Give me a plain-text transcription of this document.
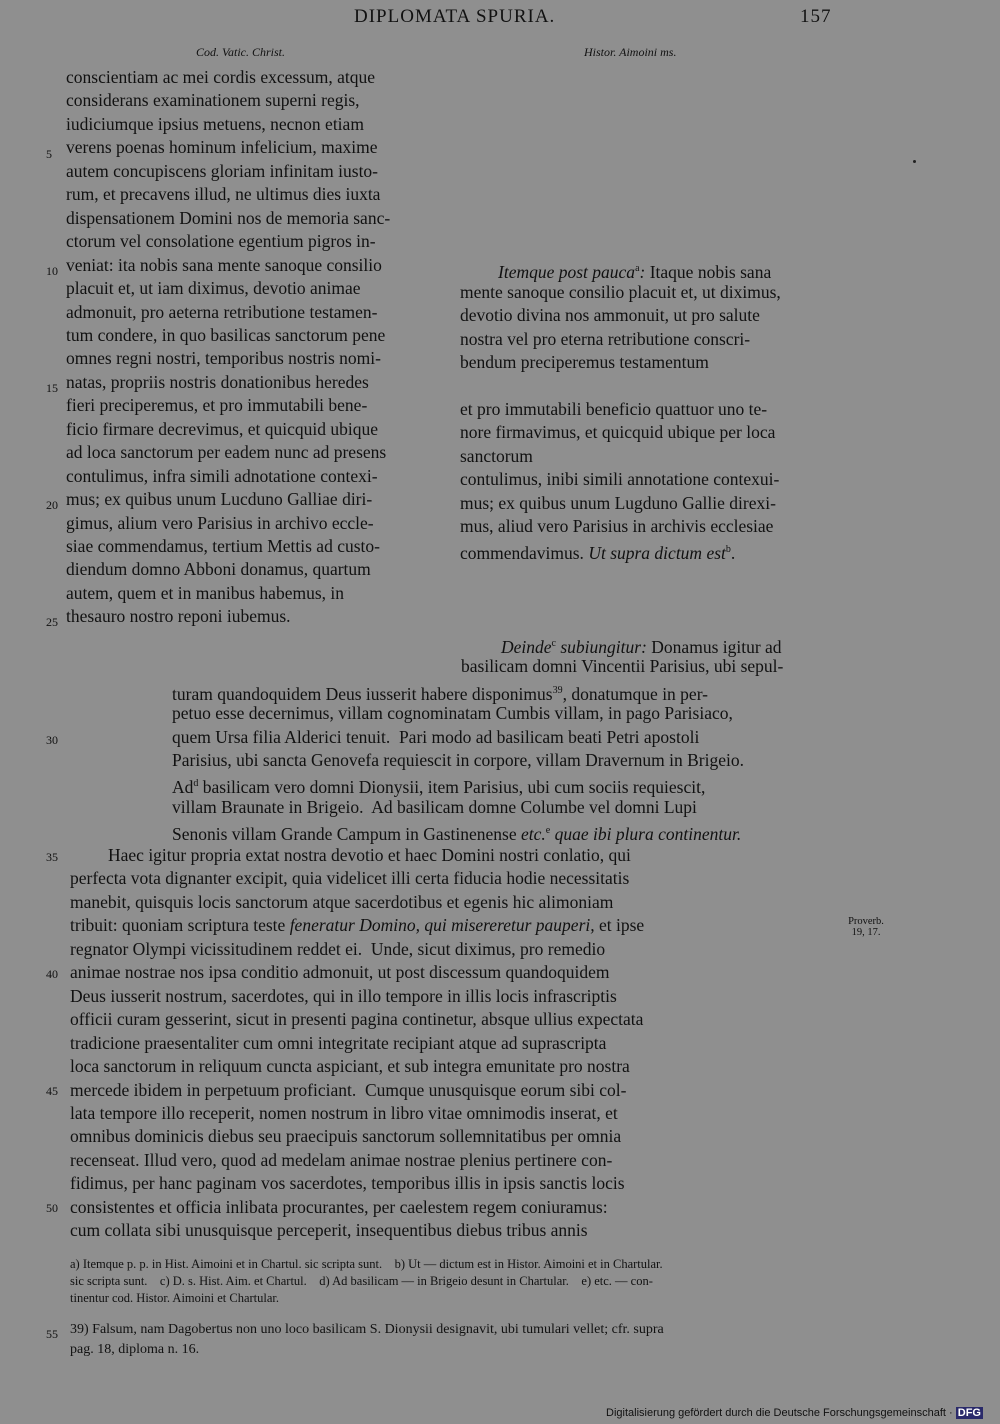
DIPLOMATA SPURIA.	157
Cod. Vatic. Christ.	Histor. Aimoini ms.
conscientiam ac mei cordis excessum, atque
considerans examinationem superni regis,
iudiciumque ipsius metuens, necnon etiam
verens poenas hominum infelicium, maxime
autem concupiscens gloriam infinitam iusto-
rum, et precavens illud, ne ultimus dies iuxta
dispensationem Domini nos de memoria sanc-
ctorum vel consolatione egentium pigros in-
veniat: ita nobis sana mente sanoque consilio
placuit et, ut iam diximus, devotio animae
admonuit, pro aeterna retributione testamen-
tum condere, in quo basilicas sanctorum pene
omnes regni nostri, temporibus nostris nomi-
natas, propriis nostris donationibus heredes
fieri preciperemus, et pro immutabili bene-
ficio firmare decrevimus, et quicquid ubique
ad loca sanctorum per eadem nunc ad presens
contulimus, infra simili adnotatione contexi-
mus; ex quibus unum Lucduno Galliae diri-
gimus, alium vero Parisius in archivo eccle-
siae commendamus, tertium Mettis ad custo-
diendum domno Abboni donamus, quartum
autem, quem et in manibus habemus, in
thesauro nostro reponi iubemus.
Itemque post pauca$^a$: Itaque nobis sana
mente sanoque consilio placuit et, ut diximus,
devotio divina nos ammonuit, ut pro salute
nostra vel pro eterna retributione conscri-
bendum preciperemus testamentum
et pro immutabili beneficio quattuor uno te-
nore firmavimus, et quicquid ubique per loca
sanctorum
contulimus, inibi simili annotatione contexui-
mus; ex quibus unum Lugduno Gallie direxi-
mus, aliud vero Parisius in archivis ecclesiae
commendavimus. Ut supra dictum est$^b$.
Deinde$^c$ subiungitur: Donamus igitur ad
basilicam domni Vincentii Parisius, ubi sepul-
turam quandoquidem Deus iusserit habere disponimus$^{39}$, donatumque in per-
petuo esse decernimus, villam cognominatam Cumbis villam, in pago Parisiaco,
quem Ursa filia Alderici tenuit.  Pari modo ad basilicam beati Petri apostoli
Parisius, ubi sancta Genovefa requiescit in corpore, villam Dravernum in Brigeio.
Ad$^d$ basilicam vero domni Dionysii, item Parisius, ubi cum sociis requiescit,
villam Braunate in Brigeio.  Ad basilicam domne Columbe vel domni Lupi
Senonis villam Grande Campum in Gastinenense etc.$^e$ quae ibi plura continentur.
Haec igitur propria extat nostra devotio et haec Domini nostri conlatio, qui
perfecta vota dignanter excipit, quia videlicet illi certa fiducia hodie necessitatis
manebit, quisquis locis sanctorum atque sacerdotibus et egenis hic alimoniam
tribuit: quoniam scriptura teste feneratur Domino, qui misereretur pauperi, et ipse
regnator Olympi vicissitudinem reddet ei.  Unde, sicut diximus, pro remedio
animae nostrae nos ipsa conditio admonuit, ut post discessum quandoquidem
Deus iusserit nostrum, sacerdotes, qui in illo tempore in illis locis infrascriptis
officii curam gesserint, sicut in presenti pagina continetur, absque ullius expectata
tradicione praesentaliter cum omni integritate recipiant atque ad suprascripta
loca sanctorum in reliquum cuncta aspiciant, et sub integra emunitate pro nostra
mercede ibidem in perpetuum proficiant.  Cumque unusquisque eorum sibi col-
lata tempore illo receperit, nomen nostrum in libro vitae omnimodis inserat, et
omnibus dominicis diebus seu praecipuis sanctorum sollemnitatibus per omnia
recenseat. Illud vero, quod ad medelam animae nostrae plenius pertinere con-
fidimus, per hanc paginam vos sacerdotes, temporibus illis in ipsis sanctis locis
consistentes et officia inlibata procurantes, per caelestem regem coniuramus:
cum collata sibi unusquisque perceperit, insequentibus diebus tribus annis
Proverb.
19, 17.
5
10
15
20
25
30
35
40
45
50
55
a) Itemque p. p. in Hist. Aimoini et in Chartul. sic scripta sunt.    b) Ut — dictum est in Histor. Aimoini et in Chartular.
sic scripta sunt.    c) D. s. Hist. Aim. et Chartul.    d) Ad basilicam — in Brigeio desunt in Chartular.    e) etc. — con-
tinentur cod. Histor. Aimoini et Chartular.
39) Falsum, nam Dagobertus non uno loco basilicam S. Dionysii designavit, ubi tumulari vellet; cfr. supra
pag. 18, diploma n. 16.
Digitalisierung gefördert durch die Deutsche Forschungsgemeinschaft · DFG
